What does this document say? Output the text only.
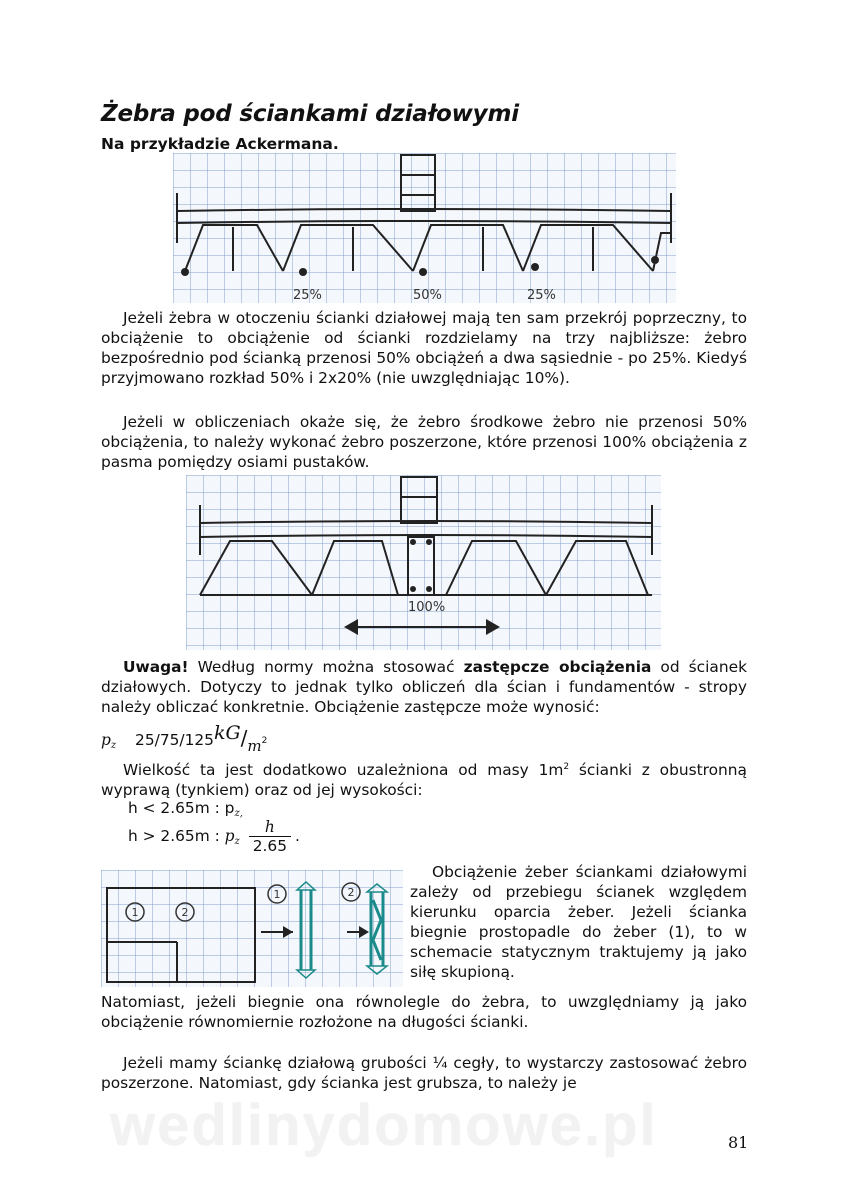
Żebra pod ściankami działowymi

Na przykładzie Ackermana.

25%	50%	25%

Jeżeli żebra w otoczeniu ścianki działowej mają ten sam przekrój poprzeczny, to obciążenie to obciążenie od ścianki rozdzielamy na trzy najbliższe: żebro bezpośrednio pod ścianką przenosi 50% obciążeń a dwa sąsiednie - po 25%. Kiedyś przyjmowano rozkład 50% i 2x20% (nie uwzględniając 10%).

Jeżeli w obliczeniach okaże się, że żebro środkowe żebro nie przenosi 50% obciążenia, to należy wykonać żebro poszerzone, które przenosi 100% obciążenia z pasma pomiędzy osiami pustaków.

100%

Uwaga! Według normy można stosować zastępcze obciążenia od ścianek działowych. Dotyczy to jednak tylko obliczeń dla ścian i fundamentów - stropy należy obliczać konkretnie. Obciążenie zastępcze może wynosić:

$p_z$ $25/75/125kG/m^2$

Wielkość ta jest dodatkowo uzależniona od masy $1m^2$ ścianki z obustronną wyprawą (tynkiem) oraz od jej wysokości:

h < 2.65m : $p_{z,}$
h > 2.65m : $p_z \frac{h}{2.65}$ .
1	2
1	2

Obciążenie żeber ściankami działowymi zależy od przebiegu ścianek względem kierunku oparcia żeber. Jeżeli ścianka biegnie prostopadle do żeber (1), to w schemacie statycznym traktujemy ją jako siłę skupioną.

Natomiast, jeżeli biegnie ona równolegle do żebra, to uwzględniamy ją jako obciążenie równomiernie rozłożone na długości ścianki.

Jeżeli mamy ściankę działową grubości ¼ cegły, to wystarczy zastosować żebro poszerzone. Natomiast, gdy ścianka jest grubsza, to należy je

wedlinydomowe.pl	81
